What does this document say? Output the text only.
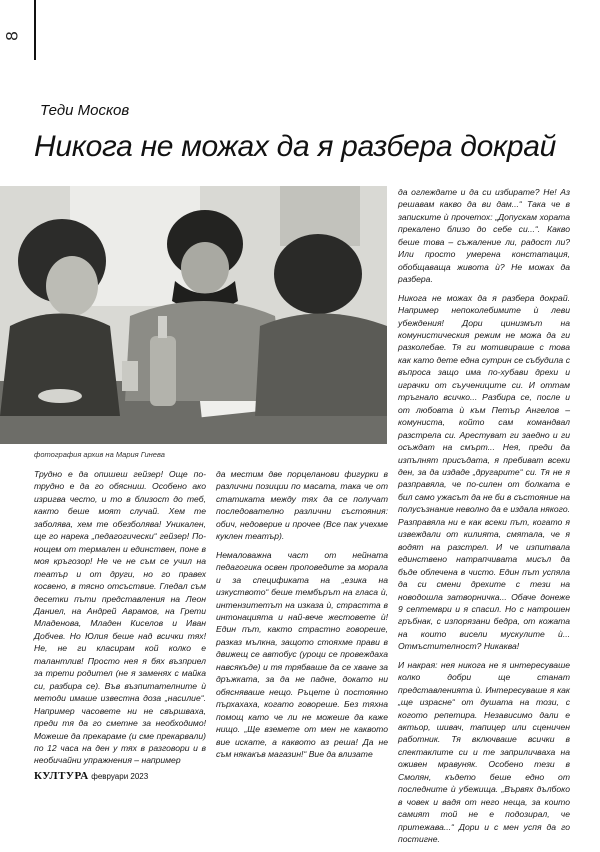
8
Теди Москов
Никога не можах да я разбера докрай
фотография архив на Мария Гинева

Трудно е да опишеш гейзер! Още по-трудно е да го обясниш. Особено ако изригва често, и то в близост до теб, както беше моят случай. Хем те заболява, хем те обезболява! Уникален, ще го нарека „педагогически“ гейзер! По-нощем от термален и единствен, поне в моя кръгозор! Не че не съм се учил на театър и от други, но го правех косвено, в тясно отсъствие. Гледал съм десетки пъти представления на Леон Даниел, на Андрей Аврамов, на Грети Младенова, Младен Киселов и Иван Добчев. Но Юлия беше над всички тях! Не, не ги класирам кой колко е талантлив! Просто нея я бях възприел за трети родител (не я заменях с майка си, разбира се). Във възпитателните ѝ методи имаше известна доза „насилие“. Например часовете ни не свършваха, преди тя да го сметне за необходимо! Можеше да прекараме (и сме прекарвали) по 12 часа на ден у тях в разговори и в необичайни упражнения – например

да местим две порцеланови фигурки в различни позиции по масата, така че от статиката между тях да се получат последователно различни състояния: обич, недоверие и прочее (Все пак учехме куклен театър).

Немаловажна част от нейната педагогика освен проповедите за морала и за спецификата на „езика на изкуството“ беше тембърът на гласа ѝ, интензитетът на изказа ѝ, страстта в интонацията и най-вече жестовете ѝ! Един път, както страстно говореше, разказ мълкна, защото стояхме прави в движещ се автобус (уроци се провеждаха навсякъде) и тя трябваше да се хване за дръжката, за да не падне, докато ни обясняваше нещо. Ръцете ѝ постоянно пърхахаха, когато говореше. Без тяхна помощ като че ли не можеше да каже нищо. „Ще вземете от мен не каквото вие искате, а каквото аз реша! Да не съм някакъв магазин!“ Вие да влизате

да оглеждате и да си избирате? Не! Аз решавам какво да ви дам...“ Така че в записките ѝ прочетох: „Допускам хората прекалено близо до себе си...“. Какво беше това – съжаление ли, радост ли? Или просто умерена констатация, обобщаваща живота ѝ? Не можах да разбера.

Никога не можах да я разбера докрай. Например непоколебимите ѝ леви убеждения! Дори цинизмът на комунистическия режим не можа да ги разколебае. Тя ги мотивираше с това как като дете една сутрин се събудила с въпроса защо има по-хубави дрехи и играчки от съучениците си. И оттам тръгнало всичко... Разбира се, после и от любовта ѝ към Петър Ангелов – комуниста, който сам командвал разстрела си. Арестуват ги заедно и ги осъждат на смърт... Нея, преди да изпълнят присъдата, я пребиват всеки ден, за да издаде „другарите“ си. Тя не я разправяла, че по-силен от болката е бил само ужасът да не би в състояние на полусъзнание неволно да е издала някого. Разправяла ни е как всеки път, когато я извеждали от килията, смятала, че я водят на разстрел. И че изпитвала единствено натрапчивата мисъл да бъде облечена в чисто. Един път успяла да си смени дрехите с тези на новодошла затворничка... Обаче донеже 9 септември и я спасил. Но с натрошен гръбнак, с изпорязани бедра, от кожата на които висели мускулите ѝ... Отмъстителност? Никаква!

И накрая: нея никога не я интересуваше колко добри ще станат представленията ѝ. Интересуваше я как „ще израсне“ от душата на този, с когото репетира. Независимо дали е актьор, шивач, тапицер или сценичен работник. Тя включваше всички в спектаклите си и те заприличваха на оживен мравуняк. Особено тези в Смолян, където беше едно от последните ѝ убежища. „Вървях дълбоко в човек и вадя от него неща, за които самият той не е подозирал, че притежава...“ Дори и с мен успя да го постигне.

КУЛТУРА февруари 2023
